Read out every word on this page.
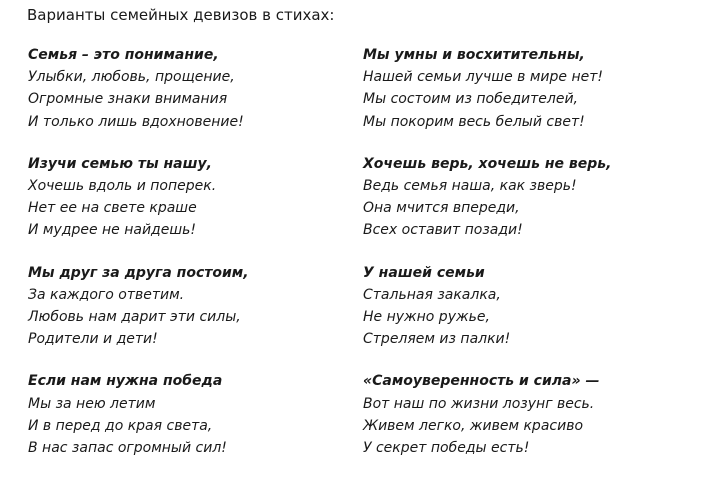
Варианты семейных девизов в стихах:
Семья – это понимание,
Улыбки, любовь, прощение,
Огромные знаки внимания
И только лишь вдохновение!
Изучи семью ты нашу,
Хочешь вдоль и поперек.
Нет ее на свете краше
И мудрее не найдешь!
Мы друг за друга постоим,
За каждого ответим.
Любовь нам дарит эти силы,
Родители и дети!
Если нам нужна победа
Мы за нею летим
И в перед до края света,
В нас запас огромный сил!
Мы умны и восхитительны,
Нашей семьи лучше в мире нет!
Мы состоим из победителей,
Мы покорим весь белый свет!
Хочешь верь, хочешь не верь,
Ведь семья наша, как зверь!
Она мчится впереди,
Всех оставит позади!
У нашей семьи
Стальная закалка,
Не нужно ружье,
Стреляем из палки!
«Самоуверенность и сила» —
Вот наш по жизни лозунг весь.
Живем легко, живем красиво
У секрет победы есть!
